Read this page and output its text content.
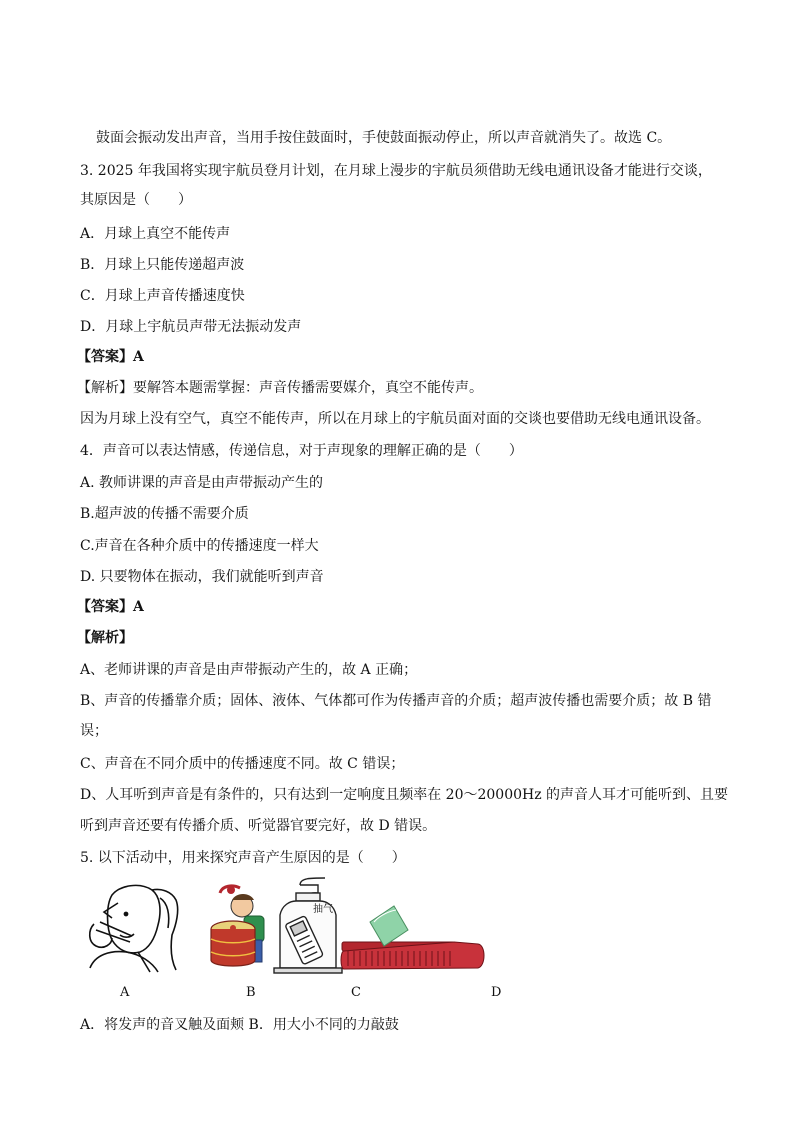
鼓面会振动发出声音，当用手按住鼓面时，手使鼓面振动停止，所以声音就消失了。故选 C。
3. 2025 年我国将实现宇航员登月计划，在月球上漫步的宇航员须借助无线电通讯设备才能进行交谈，
其原因是（　　）
A．月球上真空不能传声
B．月球上只能传递超声波
C．月球上声音传播速度快
D．月球上宇航员声带无法振动发声
【答案】A
【解析】要解答本题需掌握：声音传播需要媒介，真空不能传声。
因为月球上没有空气，真空不能传声，所以在月球上的宇航员面对面的交谈也要借助无线电通讯设备。
4．声音可以表达情感，传递信息，对于声现象的理解正确的是（　　）
A. 教师讲课的声音是由声带振动产生的
B.超声波的传播不需要介质
C.声音在各种介质中的传播速度一样大
D. 只要物体在振动，我们就能听到声音
【答案】A
【解析】
A、老师讲课的声音是由声带振动产生的，故 A 正确；
B、声音的传播靠介质；固体、液体、气体都可作为传播声音的介质；超声波传播也需要介质；故 B 错
误；
C、声音在不同介质中的传播速度不同。故 C 错误；
D、人耳听到声音是有条件的，只有达到一定响度且频率在 20～20000Hz 的声音人耳才可能听到、且要
听到声音还要有传播介质、听觉器官要完好，故 D 错误。
5. 以下活动中，用来探究声音产生原因的是（　　）
抽气
A	B	C	D
A．将发声的音叉触及面颊 B．用大小不同的力敲鼓
